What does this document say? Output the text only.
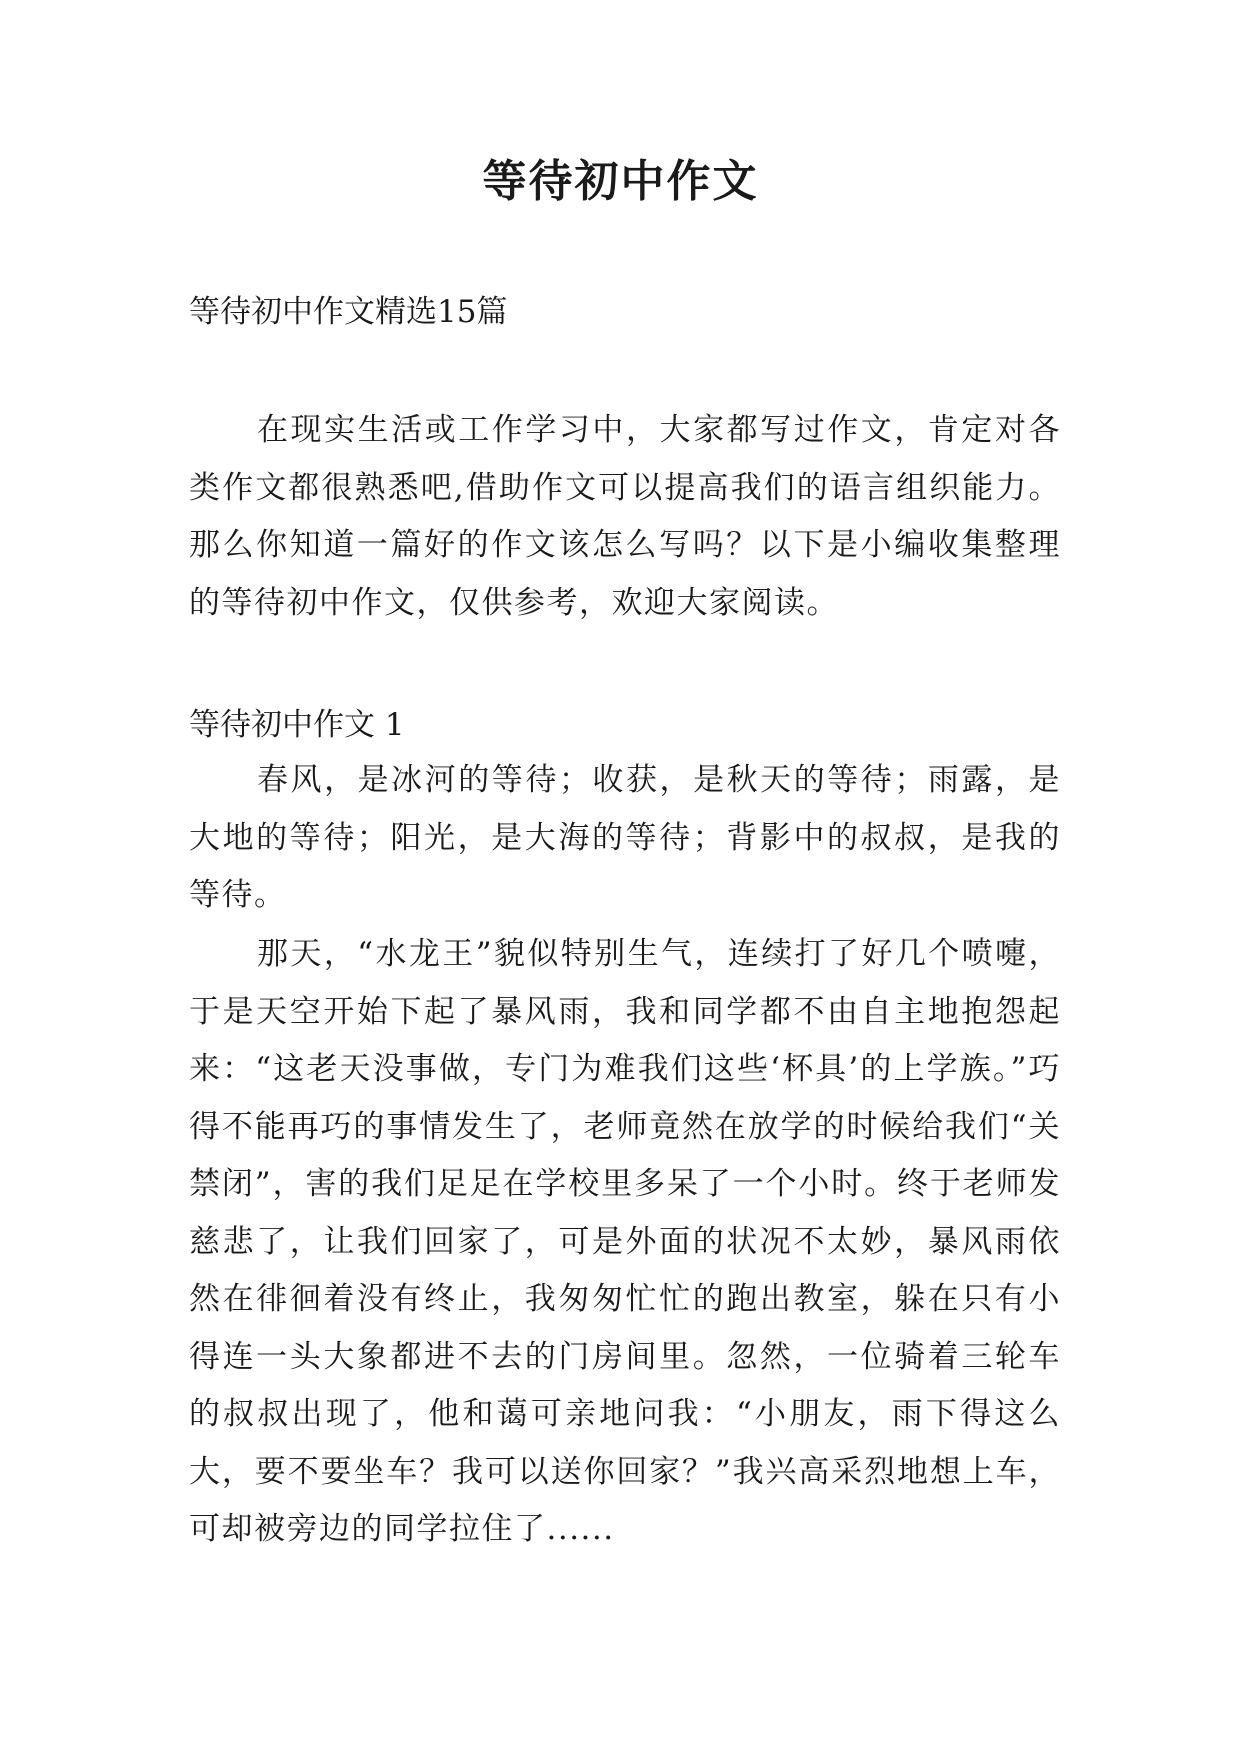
等待初中作文

等待初中作文精选15篇

在现实生活或工作学习中，大家都写过作文，肯定对各类作文都很熟悉吧,借助作文可以提高我们的语言组织能力。那么你知道一篇好的作文该怎么写吗？以下是小编收集整理的等待初中作文，仅供参考，欢迎大家阅读。

等待初中作文 1

春风，是冰河的等待；收获，是秋天的等待；雨露，是大地的等待；阳光，是大海的等待；背影中的叔叔，是我的等待。

那天，“水龙王”貌似特别生气，连续打了好几个喷嚏，于是天空开始下起了暴风雨，我和同学都不由自主地抱怨起来：“这老天没事做，专门为难我们这些‘杯具’的上学族。”巧得不能再巧的事情发生了，老师竟然在放学的时候给我们“关禁闭”，害的我们足足在学校里多呆了一个小时。终于老师发慈悲了，让我们回家了，可是外面的状况不太妙，暴风雨依然在徘徊着没有终止，我匆匆忙忙的跑出教室，躲在只有小得连一头大象都进不去的门房间里。忽然，一位骑着三轮车的叔叔出现了，他和蔼可亲地问我：“小朋友，雨下得这么大，要不要坐车？我可以送你回家？”我兴高采烈地想上车，可却被旁边的同学拉住了......
